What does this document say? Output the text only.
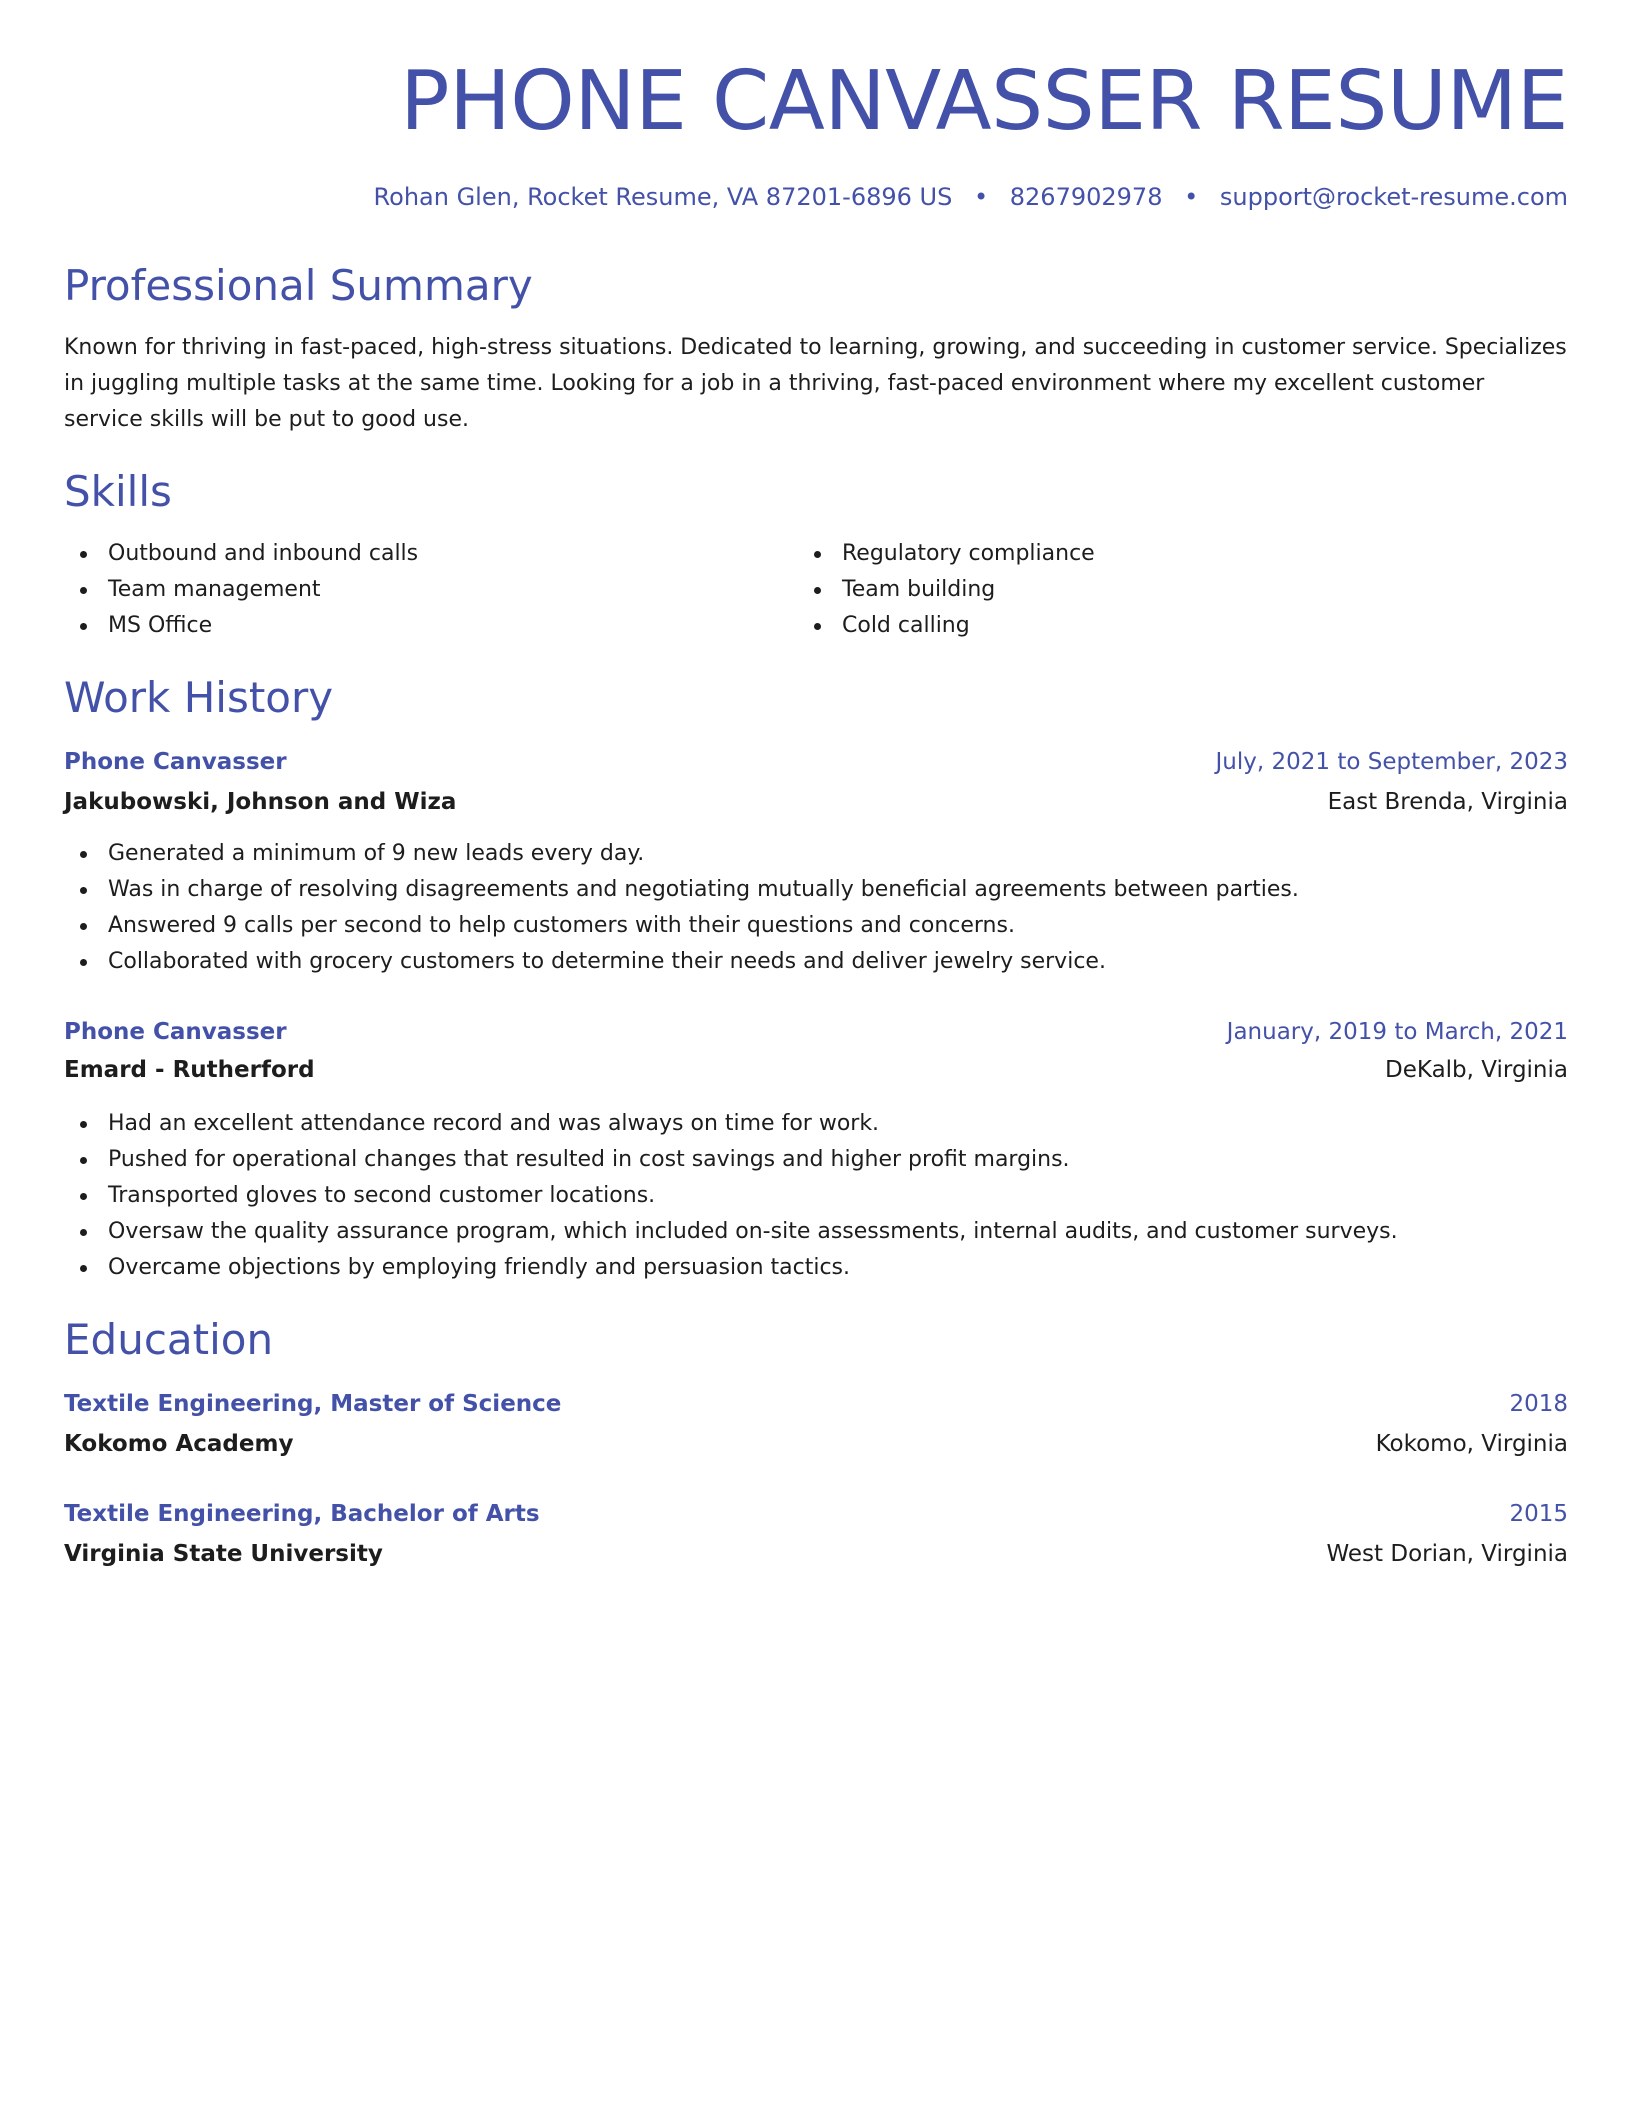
PHONE CANVASSER RESUME
Rohan Glen, Rocket Resume, VA 87201-6896 US • 8267902978 • support@rocket-resume.com
Professional Summary

Known for thriving in fast-paced, high-stress situations. Dedicated to learning, growing, and succeeding in customer service. Specializes in juggling multiple tasks at the same time. Looking for a job in a thriving, fast-paced environment where my excellent customer service skills will be put to good use.

Skills
Outbound and inbound calls
Team management
MS Office
Regulatory compliance
Team building
Cold calling
Work History
Phone Canvasser	July, 2021 to September, 2023
Jakubowski, Johnson and Wiza	East Brenda, Virginia
Generated a minimum of 9 new leads every day.
Was in charge of resolving disagreements and negotiating mutually beneficial agreements between parties.
Answered 9 calls per second to help customers with their questions and concerns.
Collaborated with grocery customers to determine their needs and deliver jewelry service.
Phone Canvasser	January, 2019 to March, 2021
Emard - Rutherford	DeKalb, Virginia
Had an excellent attendance record and was always on time for work.
Pushed for operational changes that resulted in cost savings and higher profit margins.
Transported gloves to second customer locations.
Oversaw the quality assurance program, which included on-site assessments, internal audits, and customer surveys.
Overcame objections by employing friendly and persuasion tactics.
Education
Textile Engineering, Master of Science	2018
Kokomo Academy	Kokomo, Virginia
Textile Engineering, Bachelor of Arts	2015
Virginia State University	West Dorian, Virginia
